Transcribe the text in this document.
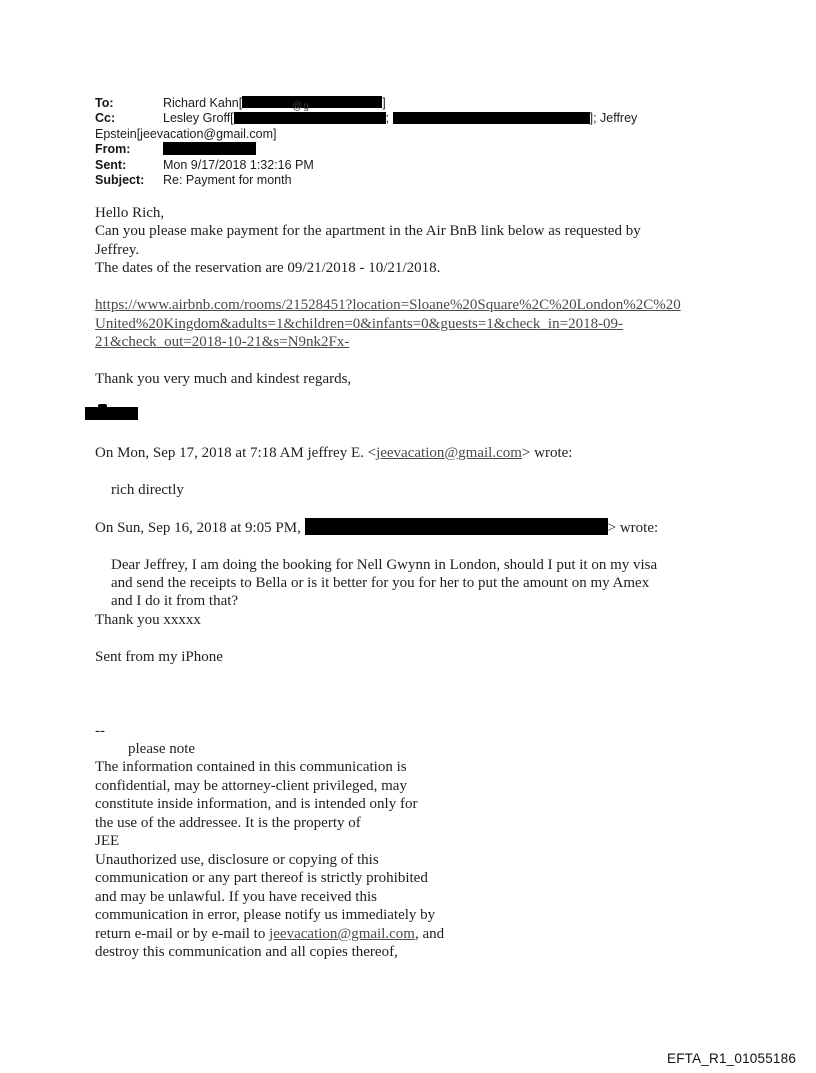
To:	Richard Kahn[	@g	]
Cc:	Lesley Groff[	;	]; Jeffrey
Epstein[jeevacation@gmail.com]
From:
Sent:	Mon 9/17/2018 1:32:16 PM
Subject: Re: Payment for month
Hello Rich,
Can you please make payment for the apartment in the Air BnB link below as requested by
Jeffrey.
The dates of the reservation are 09/21/2018 - 10/21/2018.
https://www.airbnb.com/rooms/21528451?location=Sloane%20Square%2C%20London%2C%20
United%20Kingdom&adults=1&children=0&infants=0&guests=1&check_in=2018-09-
21&check_out=2018-10-21&s=N9nk2Fx-
Thank you very much and kindest regards,
On Mon, Sep 17, 2018 at 7:18 AM jeffrey E. <jeevacation@gmail.com> wrote:
rich directly
On Sun, Sep 16, 2018 at 9:05 PM,	> wrote:
Dear Jeffrey, I am doing the booking for Nell Gwynn in London, should I put it on my visa
and send the receipts to Bella or is it better for you for her to put the amount on my Amex
and I do it from that?
Thank you xxxxx
Sent from my iPhone
--
please note
The information contained in this communication is
confidential, may be attorney-client privileged, may
constitute inside information, and is intended only for
the use of the addressee. It is the property of
JEE
Unauthorized use, disclosure or copying of this
communication or any part thereof is strictly prohibited
and may be unlawful. If you have received this
communication in error, please notify us immediately by
return e-mail or by e-mail to jeevacation@gmail.com, and
destroy this communication and all copies thereof,
EFTA_R1_01055186
